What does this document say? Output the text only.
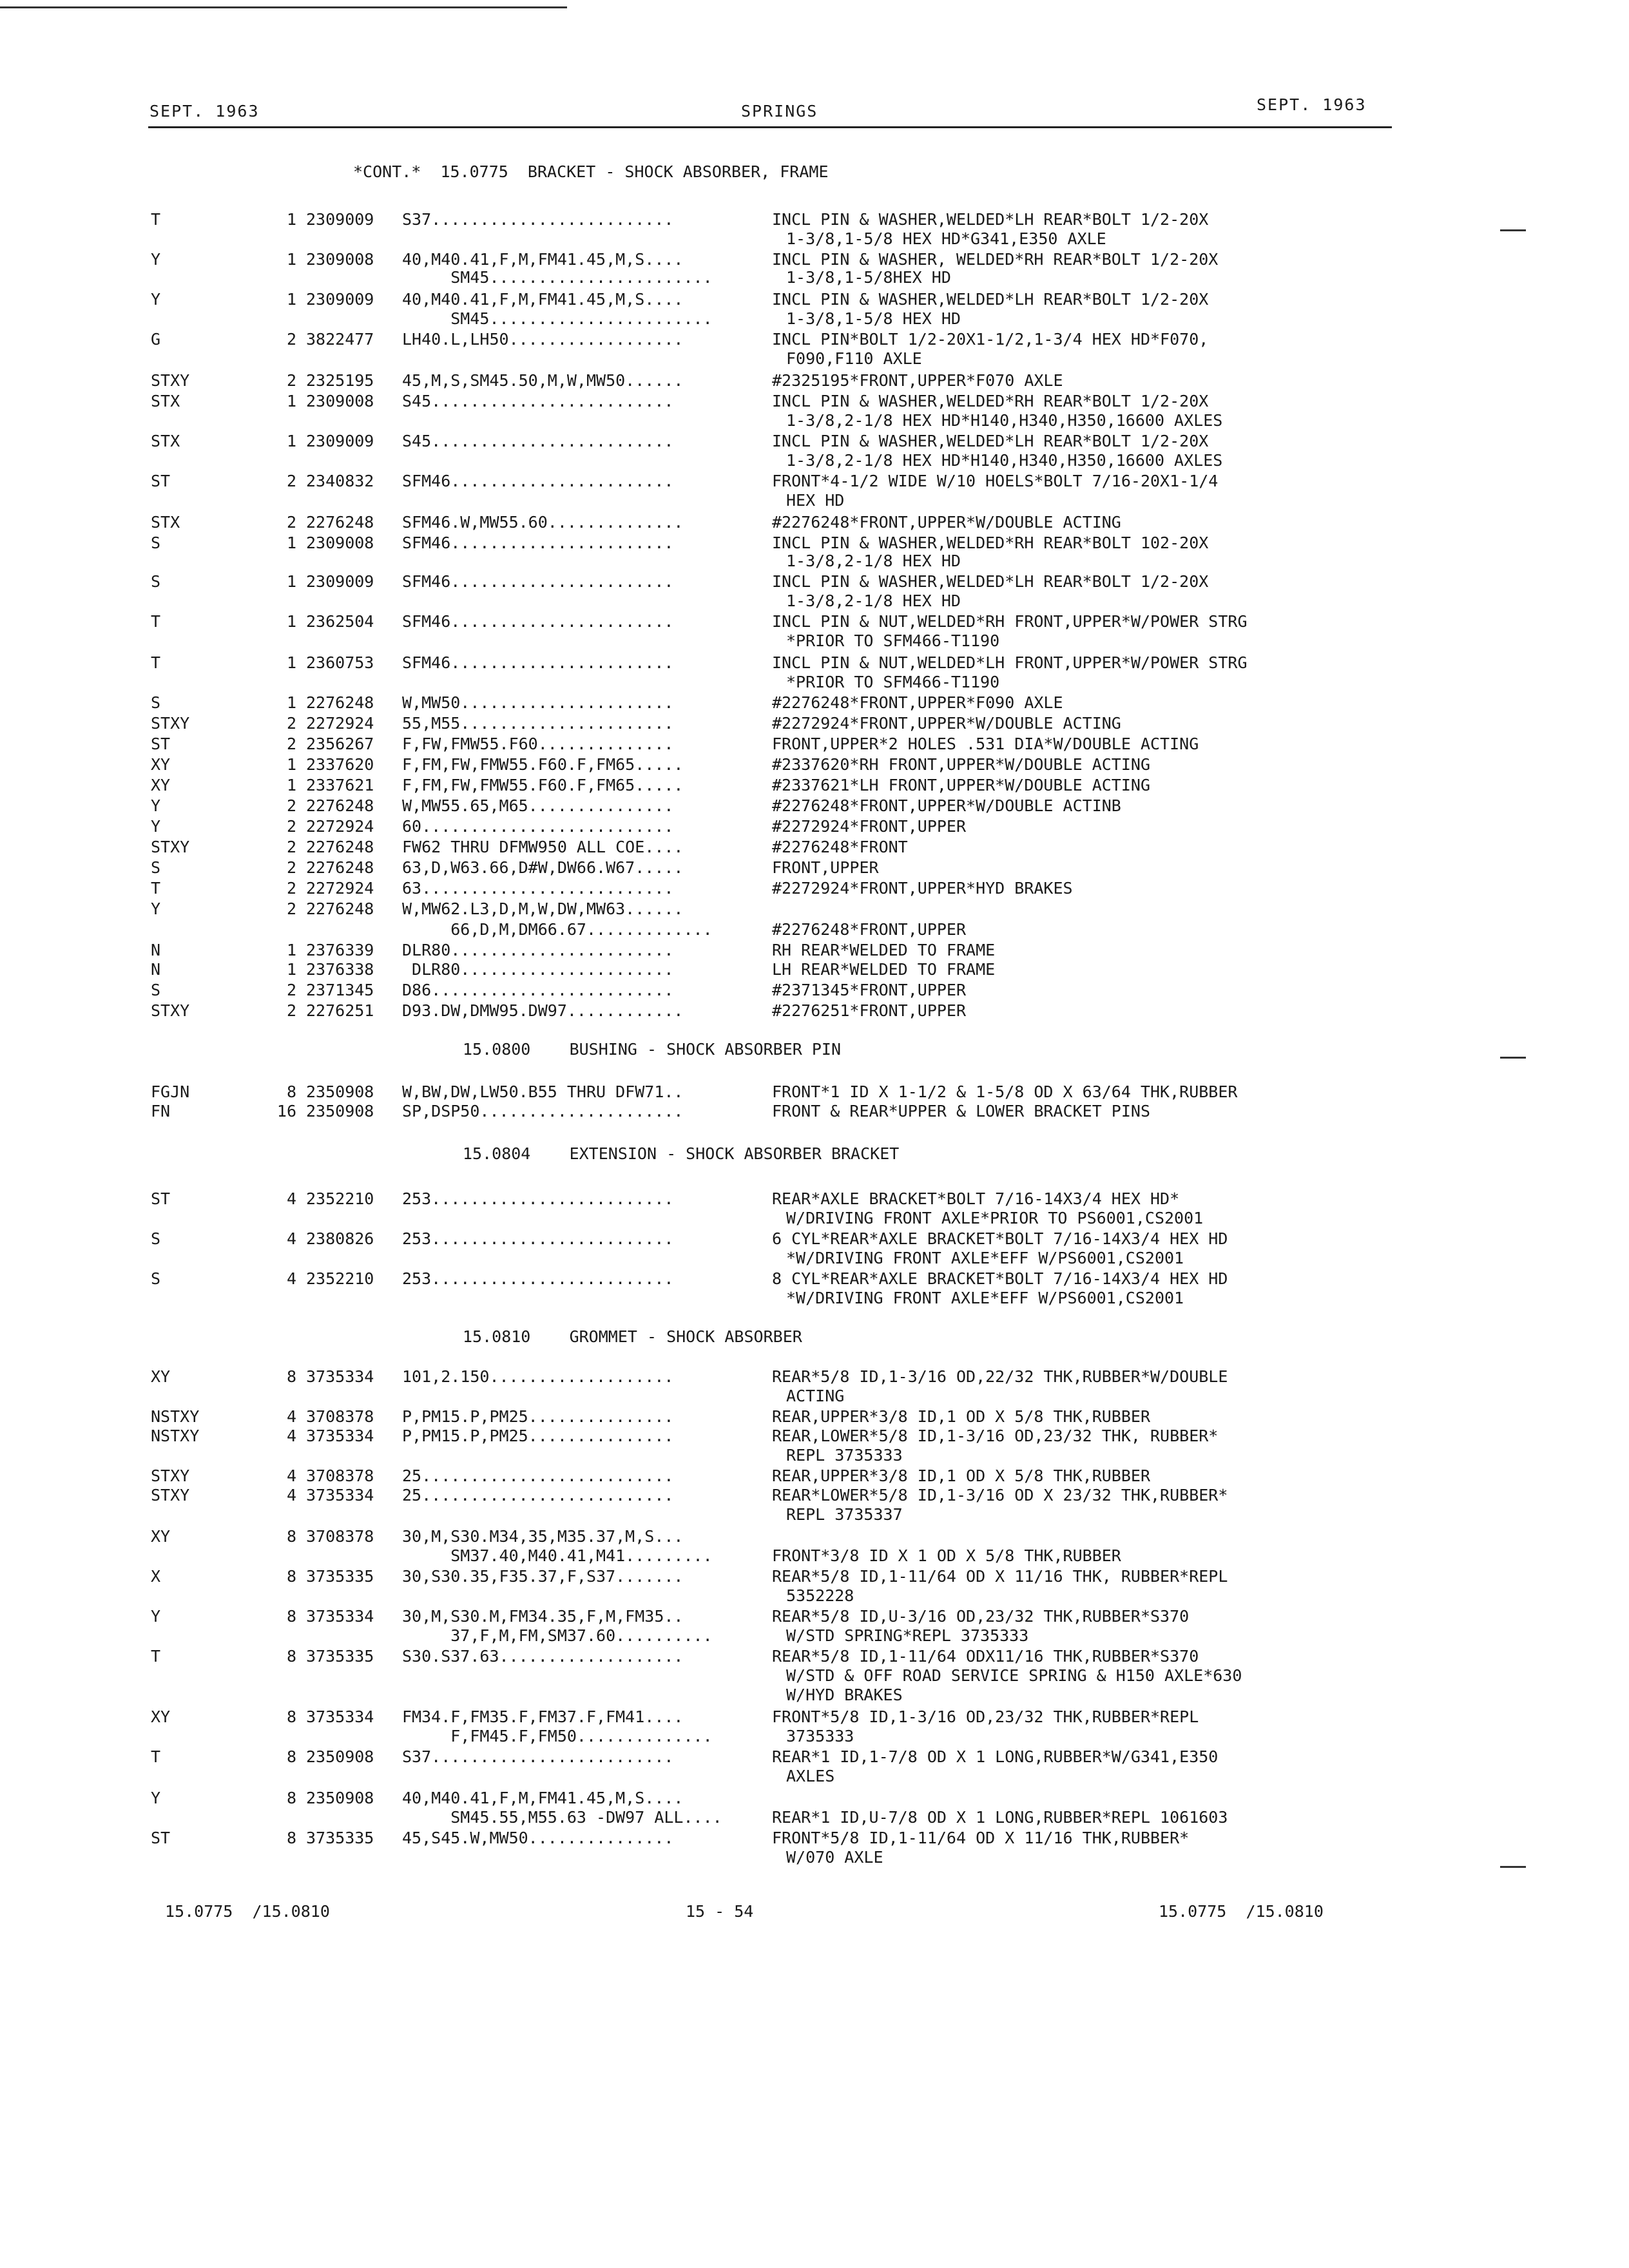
SEPT. 1963	SPRINGS	SEPT. 1963
*CONT.*  15.0775  BRACKET - SHOCK ABSORBER, FRAME
T	1 2309009 S37.........................	INCL PIN & WASHER,WELDED*LH REAR*BOLT 1/2-20X
1-3/8,1-5/8 HEX HD*G341,E350 AXLE
Y	1 2309008 40,M40.41,F,M,FM41.45,M,S....	INCL PIN & WASHER, WELDED*RH REAR*BOLT 1/2-20X
SM45.......................	1-3/8,1-5/8HEX HD
Y	1 2309009 40,M40.41,F,M,FM41.45,M,S....	INCL PIN & WASHER,WELDED*LH REAR*BOLT 1/2-20X
SM45.......................	1-3/8,1-5/8 HEX HD
G	2 3822477 LH40.L,LH50..................	INCL PIN*BOLT 1/2-20X1-1/2,1-3/4 HEX HD*F070,
F090,F110 AXLE
STXY	2 2325195 45,M,S,SM45.50,M,W,MW50......	#2325195*FRONT,UPPER*F070 AXLE
STX	1 2309008 S45.........................	INCL PIN & WASHER,WELDED*RH REAR*BOLT 1/2-20X
1-3/8,2-1/8 HEX HD*H140,H340,H350,16600 AXLES
STX	1 2309009 S45.........................	INCL PIN & WASHER,WELDED*LH REAR*BOLT 1/2-20X
1-3/8,2-1/8 HEX HD*H140,H340,H350,16600 AXLES
ST	2 2340832 SFM46.......................	FRONT*4-1/2 WIDE W/10 HOELS*BOLT 7/16-20X1-1/4
HEX HD
STX	2 2276248 SFM46.W,MW55.60..............	#2276248*FRONT,UPPER*W/DOUBLE ACTING
S	1 2309008 SFM46.......................	INCL PIN & WASHER,WELDED*RH REAR*BOLT 102-20X
1-3/8,2-1/8 HEX HD
S	1 2309009 SFM46.......................	INCL PIN & WASHER,WELDED*LH REAR*BOLT 1/2-20X
1-3/8,2-1/8 HEX HD
T	1 2362504 SFM46.......................	INCL PIN & NUT,WELDED*RH FRONT,UPPER*W/POWER STRG
*PRIOR TO SFM466-T1190
T	1 2360753 SFM46.......................	INCL PIN & NUT,WELDED*LH FRONT,UPPER*W/POWER STRG
*PRIOR TO SFM466-T1190
S	1 2276248 W,MW50......................	#2276248*FRONT,UPPER*F090 AXLE
STXY	2 2272924 55,M55......................	#2272924*FRONT,UPPER*W/DOUBLE ACTING
ST	2 2356267 F,FW,FMW55.F60..............	FRONT,UPPER*2 HOLES .531 DIA*W/DOUBLE ACTING
XY	1 2337620 F,FM,FW,FMW55.F60.F,FM65.....	#2337620*RH FRONT,UPPER*W/DOUBLE ACTING
XY	1 2337621 F,FM,FW,FMW55.F60.F,FM65.....	#2337621*LH FRONT,UPPER*W/DOUBLE ACTING
Y	2 2276248 W,MW55.65,M65...............	#2276248*FRONT,UPPER*W/DOUBLE ACTINB
Y	2 2272924 60..........................	#2272924*FRONT,UPPER
STXY	2 2276248 FW62 THRU DFMW950 ALL COE....	#2276248*FRONT
S	2 2276248 63,D,W63.66,D#W,DW66.W67.....	FRONT,UPPER
T	2 2272924 63..........................	#2272924*FRONT,UPPER*HYD BRAKES
Y	2 2276248 W,MW62.L3,D,M,W,DW,MW63......
66,D,M,DM66.67.............	#2276248*FRONT,UPPER
N	1 2376339 DLR80.......................	RH REAR*WELDED TO FRAME
N	1 2376338 DLR80......................	LH REAR*WELDED TO FRAME
S	2 2371345 D86.........................	#2371345*FRONT,UPPER
STXY	2 2276251 D93.DW,DMW95.DW97............	#2276251*FRONT,UPPER
15.0800    BUSHING - SHOCK ABSORBER PIN
FGJN	8 2350908 W,BW,DW,LW50.B55 THRU DFW71..	FRONT*1 ID X 1-1/2 & 1-5/8 OD X 63/64 THK,RUBBER
FN	16 2350908 SP,DSP50.....................	FRONT & REAR*UPPER & LOWER BRACKET PINS
15.0804    EXTENSION - SHOCK ABSORBER BRACKET
ST	4 2352210 253.........................	REAR*AXLE BRACKET*BOLT 7/16-14X3/4 HEX HD*
W/DRIVING FRONT AXLE*PRIOR TO PS6001,CS2001
S	4 2380826 253.........................	6 CYL*REAR*AXLE BRACKET*BOLT 7/16-14X3/4 HEX HD
*W/DRIVING FRONT AXLE*EFF W/PS6001,CS2001
S	4 2352210 253.........................	8 CYL*REAR*AXLE BRACKET*BOLT 7/16-14X3/4 HEX HD
*W/DRIVING FRONT AXLE*EFF W/PS6001,CS2001
15.0810    GROMMET - SHOCK ABSORBER
XY	8 3735334 101,2.150...................	REAR*5/8 ID,1-3/16 OD,22/32 THK,RUBBER*W/DOUBLE
ACTING
NSTXY	4 3708378 P,PM15.P,PM25...............	REAR,UPPER*3/8 ID,1 OD X 5/8 THK,RUBBER
NSTXY	4 3735334 P,PM15.P,PM25...............	REAR,LOWER*5/8 ID,1-3/16 OD,23/32 THK, RUBBER*
REPL 3735333
STXY	4 3708378 25..........................	REAR,UPPER*3/8 ID,1 OD X 5/8 THK,RUBBER
STXY	4 3735334 25..........................	REAR*LOWER*5/8 ID,1-3/16 OD X 23/32 THK,RUBBER*
REPL 3735337
XY	8 3708378 30,M,S30.M34,35,M35.37,M,S...
SM37.40,M40.41,M41.........	FRONT*3/8 ID X 1 OD X 5/8 THK,RUBBER
X	8 3735335 30,S30.35,F35.37,F,S37.......	REAR*5/8 ID,1-11/64 OD X 11/16 THK, RUBBER*REPL
5352228
Y	8 3735334 30,M,S30.M,FM34.35,F,M,FM35..	REAR*5/8 ID,U-3/16 OD,23/32 THK,RUBBER*S370
37,F,M,FM,SM37.60..........	W/STD SPRING*REPL 3735333
T	8 3735335 S30.S37.63...................	REAR*5/8 ID,1-11/64 ODX11/16 THK,RUBBER*S370
W/STD & OFF ROAD SERVICE SPRING & H150 AXLE*630
W/HYD BRAKES
XY	8 3735334 FM34.F,FM35.F,FM37.F,FM41....	FRONT*5/8 ID,1-3/16 OD,23/32 THK,RUBBER*REPL
F,FM45.F,FM50..............	3735333
T	8 2350908 S37.........................	REAR*1 ID,1-7/8 OD X 1 LONG,RUBBER*W/G341,E350
AXLES
Y	8 2350908 40,M40.41,F,M,FM41.45,M,S....
SM45.55,M55.63 -DW97 ALL....	REAR*1 ID,U-7/8 OD X 1 LONG,RUBBER*REPL 1061603
ST	8 3735335 45,S45.W,MW50...............	FRONT*5/8 ID,1-11/64 OD X 11/16 THK,RUBBER*
W/070 AXLE
15.0775  /15.0810	15 - 54	15.0775  /15.0810
